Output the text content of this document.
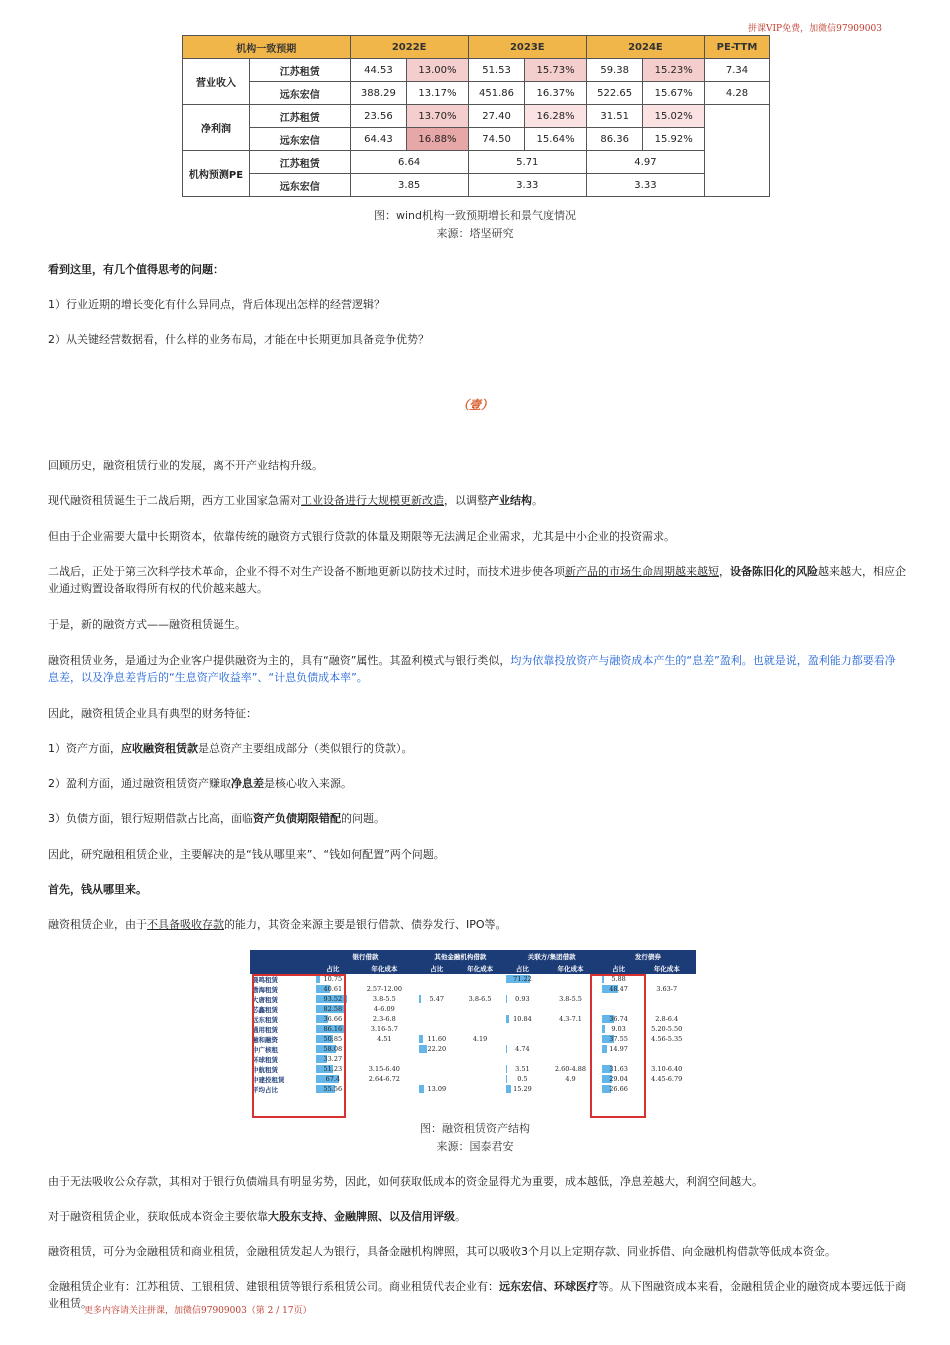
拼课VIP免费，加微信97909003
机构一致预期		2022E		2023E		2024E		PE-TTM
营业收入	江苏租赁	44.53	13.00%	51.53	15.73%	59.38	15.23%	7.34
	远东宏信	388.29	13.17%	451.86	16.37%	522.65	15.67%	4.28
净利润	江苏租赁	23.56	13.70%	27.40	16.28%	31.51	15.02%	
	远东宏信	64.43	16.88%	74.50	15.64%	86.36	15.92%	
机构预测PE	江苏租赁	6.64		5.71		4.97		
	远东宏信	3.85		3.33		3.33		
图：wind机构一致预期增长和景气度情况
来源：塔坚研究

看到这里，有几个值得思考的问题：

1）行业近期的增长变化有什么异同点，背后体现出怎样的经营逻辑？

2）从关键经营数据看，什么样的业务布局，才能在中长期更加具备竞争优势？

（壹）

回顾历史，融资租赁行业的发展，离不开产业结构升级。

现代融资租赁诞生于二战后期，西方工业国家急需对工业设备进行大规模更新改造，以调整产业结构。

但由于企业需要大量中长期资本，依靠传统的融资方式银行贷款的体量及期限等无法满足企业需求，尤其是中小企业的投资需求。

二战后，正处于第三次科学技术革命，企业不得不对生产设备不断地更新以防技术过时，而技术进步使各项新产品的市场生命周期越来越短，设备陈旧化的风险越来越大，相应企业通过购置设备取得所有权的代价越来越大。

于是，新的融资方式——融资租赁诞生。

融资租赁业务，是通过为企业客户提供融资为主的，具有“融资”属性。其盈利模式与银行类似，均为依靠投放资产与融资成本产生的“息差”盈利。也就是说，盈利能力都要看净息差，以及净息差背后的“生息资产收益率”、“计息负债成本率”。

因此，融资租赁企业具有典型的财务特征：

1）资产方面，应收融资租赁款是总资产主要组成部分（类似银行的贷款）。

2）盈利方面，通过融资租赁资产赚取净息差是核心收入来源。

3）负债方面，银行短期借款占比高，面临资产负债期限错配的问题。

因此，研究融租租赁企业，主要解决的是“钱从哪里来”、“钱如何配置”两个问题。

首先，钱从哪里来。

融资租赁企业，由于不具备吸收存款的能力，其资金来源主要是银行借款、债券发行、IPO等。

	银行借款		其他金融机构借款		关联方/集团借款		发行债券	
	占比	年化成本	占比	年化成本	占比	年化成本	占比	年化成本
晨鸣租赁	10.75				71.22		5.88	
渤海租赁	40.61	2.57-12.00					48.47	3.63-7
大唐租赁	93.52	3.8-5.5	5.47	3.8-6.5	0.93	3.8-5.5		
芯鑫租赁	82.58	4-6.09						
远东租赁	36.66	2.3-6.8			10.84	4.3-7.1	36.74	2.8-6.4
通用租赁	86.16	3.16-5.7					9.03	5.20-5.50
融和融资	50.85	4.51	11.60	4.19			37.55	4.56-5.35
中广核租	58.08		22.20		4.74		14.97	
环球租赁	33.27							
中航租赁	51.23	3.15-6.40			3.51	2.60-4.88	31.63	3.10-6.40
中建投租赁	67.4	2.64-6.72			0.5	4.9	29.04	4.45-6.79
平均占比	55.56		13.09		15.29		26.66	
图：融资租赁资产结构
来源：国泰君安

由于无法吸收公众存款，其相对于银行负债端具有明显劣势，因此，如何获取低成本的资金显得尤为重要，成本越低，净息差越大，利润空间越大。

对于融资租赁企业，获取低成本资金主要依靠大股东支持、金融牌照、以及信用评级。

融资租赁，可分为金融租赁和商业租赁，金融租赁发起人为银行，具备金融机构牌照，其可以吸收3个月以上定期存款、同业拆借、向金融机构借款等低成本资金。

金融租赁企业有：江苏租赁、工银租赁、建银租赁等银行系租赁公司。商业租赁代表企业有：远东宏信、环球医疗等。从下图融资成本来看，金融租赁企业的融资成本要远低于商业租赁。

更多内容请关注拼课，加微信97909003（第 2 / 17页）
